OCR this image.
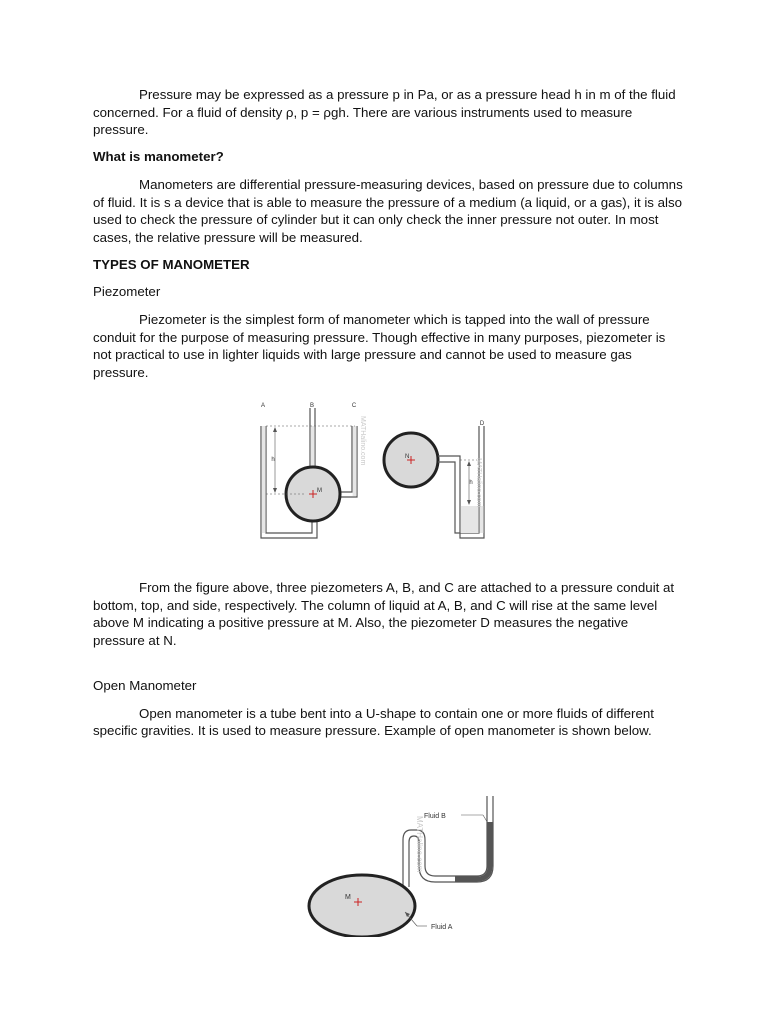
Pressure may be expressed as a pressure p in Pa, or as a pressure head h in m of the fluid concerned. For a fluid of density ρ, p = ρgh. There are various instruments used to measure pressure.

What is manometer?

Manometers are differential pressure-measuring devices, based on pressure due to columns of fluid. It is s a device that is able to measure the pressure of a medium (a liquid, or a gas), it is also used to check the pressure of cylinder but it can only check the inner pressure not outer. In most cases, the relative pressure will be measured.

TYPES OF MANOMETER

Piezometer

Piezometer is the simplest form of manometer which is tapped into the wall of pressure conduit for the purpose of measuring pressure. Though effective in many purposes, piezometer is not practical to use in lighter liquids with large pressure and cannot be used to measure gas pressure.

A	B	C
h
M
MATHalino.com	D
h
N
MATHalino.com

From the figure above, three piezometers A, B, and C are attached to a pressure conduit at bottom, top, and side, respectively. The column of liquid at A, B, and C will rise at the same level above M indicating a positive pressure at M. Also, the piezometer D measures the negative pressure at N.

Open Manometer

Open manometer is a tube bent into a U-shape to contain one or more fluids of different specific gravities. It is used to measure pressure. Example of open manometer is shown below.

Fluid B
Fluid A
M
MATHalino.com
